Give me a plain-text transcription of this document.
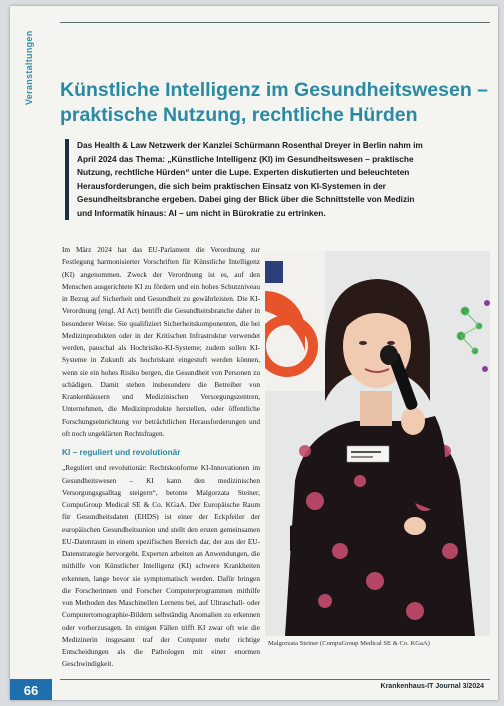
Veranstaltungen	Künstliche Intelligenz im Gesundheitswesen – praktische Nutzung, rechtliche Hürden

Das Health & Law Netzwerk der Kanzlei Schürmann Rosenthal Dreyer in Berlin nahm im April 2024 das Thema: „Künstliche Intelligenz (KI) im Gesundheitswesen – praktische Nutzung, rechtliche Hürden“ unter die Lupe. Experten diskutierten und beleuchteten Herausforderungen, die sich beim praktischen Einsatz von KI-Systemen in der Gesundheitsbranche ergeben. Dabei ging der Blick über die Schnittstelle von Medizin und Informatik hinaus: AI – um nicht in Bürokratie zu ertrinken.

Im März 2024 hat das EU-Parlament die Verordnung zur Festlegung harmonisierter Vorschriften für Künstliche Intelligenz (KI) angenommen. Zweck der Verordnung ist es, auf den Menschen ausgerichtete KI zu fördern und ein hohes Schutzniveau in Bezug auf Sicherheit und Gesundheit zu gewährleisten. Die KI-Verordnung (engl. AI Act) betrifft die Gesundheitsbranche daher in besonderer Weise. Sie qualifiziert Sicherheitskomponenten, die bei Medizinprodukten oder in der Kritischen Infrastruktur verwendet werden, pauschal als Hochrisiko-KI-Systeme; zudem sollen KI-Systeme in Zukunft als hochriskant eingestuft werden können, wenn sie ein hohes Risiko bergen, die Gesundheit von Personen zu schädigen. Damit stehen insbesondere die Betreiber von Krankenhäusern und Medizinischen Versorgungszentren, Unternehmen, die Medizinprodukte herstellen, oder öffentliche Forschungseinrichtung vor beträchtlichen Herausforderungen und oft noch ungeklärten Rechtsfragen.

KI – reguliert und revolutionär

„Reguliert und revolutionär: Rechtskonforme KI-Innovationen im Gesundheitswesen – KI kann den medizinischen Versorgungsgsalltag steigern“, betonte Malgorzata Steiner, CompuGroup Medical SE & Co. KGaA. Der Europäische Raum für Gesundheitsdaten (EHDS) ist einer der Eckpfeiler der europäischen Gesundheitsunion und stellt den ersten gemeinsamen EU-Datenraum in einem spezifischen Bereich dar, der aus der EU-Datenstrategie hervorgeht. Experten arbeiten an Anwendungen, die mithilfe von Künstlicher Intelligenz (KI) schwere Krankheiten erkennen, lange bevor sie symptomatisch werden. Dafür bringen die Forscherinnen und Forscher Computerprogrammen mithilfe von Methoden des Maschinellen Lernens bei, auf Ultraschall- oder Computertomographie-Bildern selbständig Anomalien zu erkennen oder vorherzusagen. In einigen Fällen trifft KI zwar oft wie die Medizinerin insgesamt traf der Computer mehr richtige Entscheidungen als die Pathologen mit einer enormen Geschwindigkeit.

Malgorzata Steiner (CompuGroup Medical SE & Co. KGaA)
66	Krankenhaus-IT Journal 3/2024
